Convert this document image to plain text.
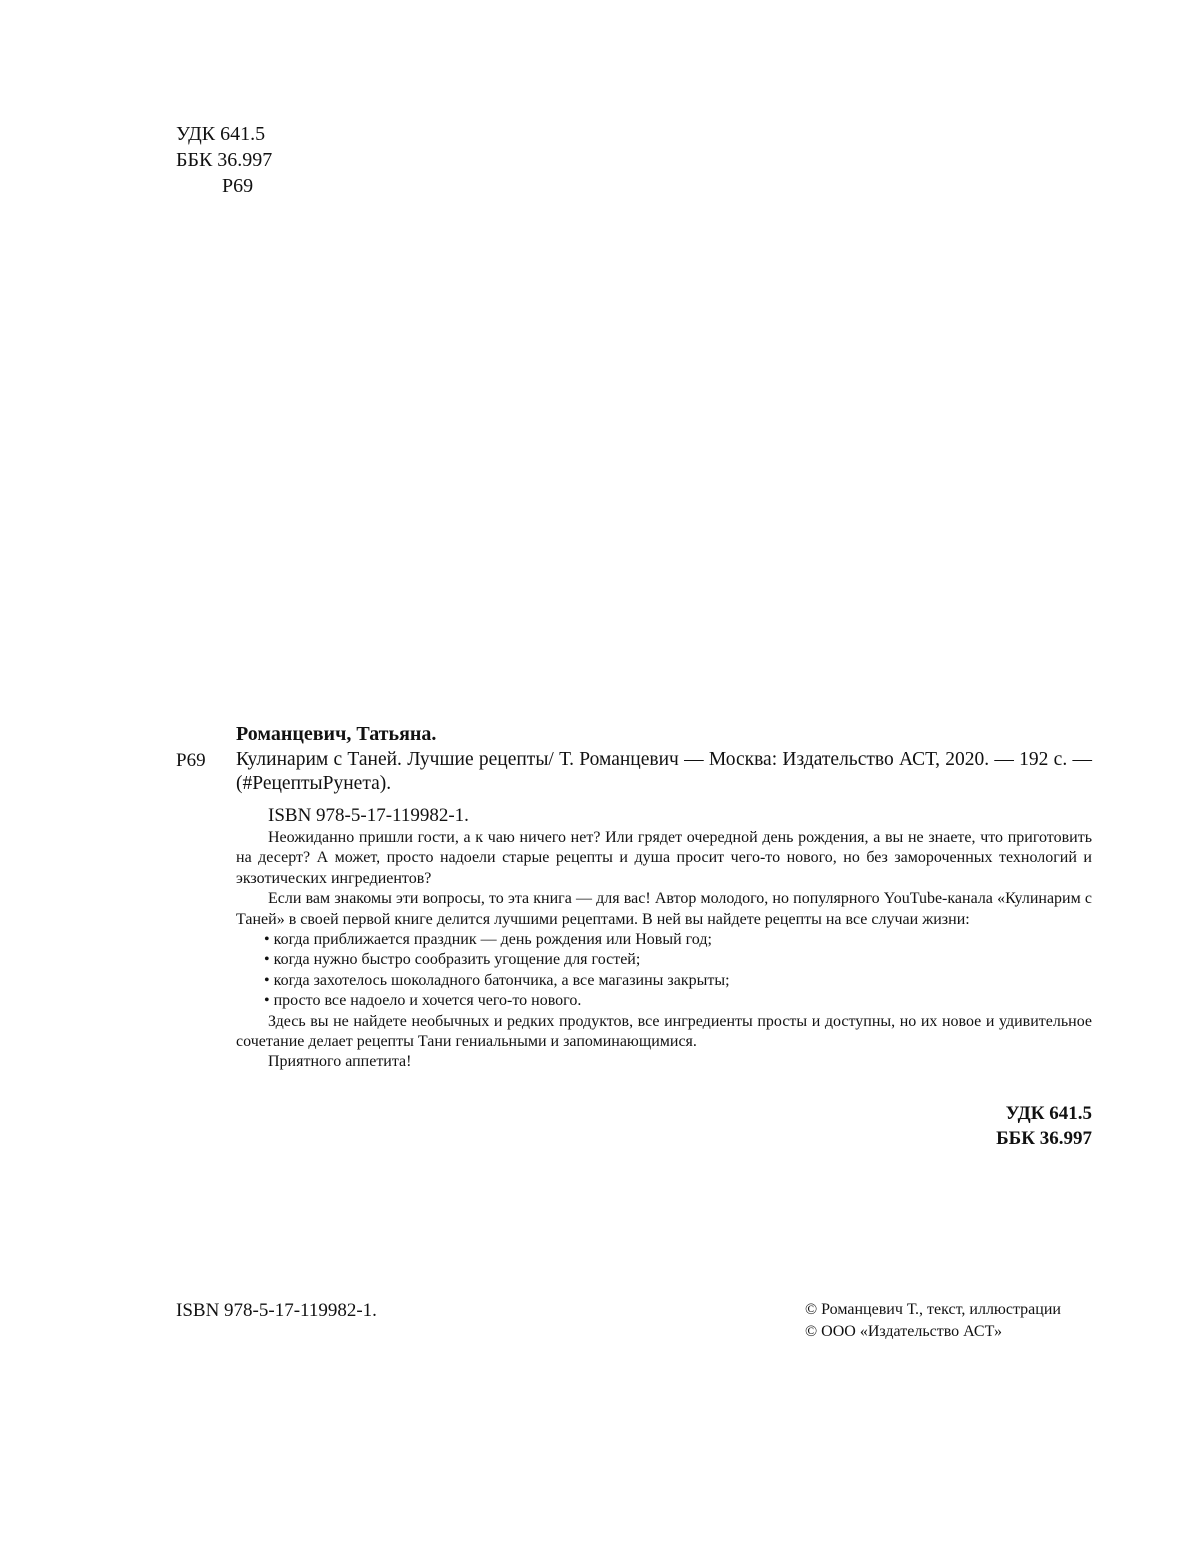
УДК 641.5
ББК 36.997
Р69
Романцевич, Татьяна.
Р69 Кулинарим с Таней. Лучшие рецепты/ Т. Романцевич — Москва: Издательство АСТ, 2020. — 192 с. — (#РецептыРунета).
ISBN 978-5-17-119982-1.

Неожиданно пришли гости, а к чаю ничего нет? Или грядет очередной день рождения, а вы не знаете, что приготовить на десерт? А может, просто надоели старые рецепты и душа просит чего-то нового, но без замороченных технологий и экзотических ингредиентов?

Если вам знакомы эти вопросы, то эта книга — для вас! Автор молодого, но популярного YouTube-канала «Кулинарим с Таней» в своей первой книге делится лучшими рецептами. В ней вы найдете рецепты на все случаи жизни:

• когда приближается праздник — день рождения или Новый год;

• когда нужно быстро сообразить угощение для гостей;

• когда захотелось шоколадного батончика, а все магазины закрыты;

• просто все надоело и хочется чего-то нового.

Здесь вы не найдете необычных и редких продуктов, все ингредиенты просты и доступны, но их новое и удивительное сочетание делает рецепты Тани гениальными и запоминающимися.

Приятного аппетита!

УДК 641.5
ББК 36.997
ISBN 978-5-17-119982-1.	© Романцевич Т., текст, иллюстрации
© ООО «Издательство АСТ»
